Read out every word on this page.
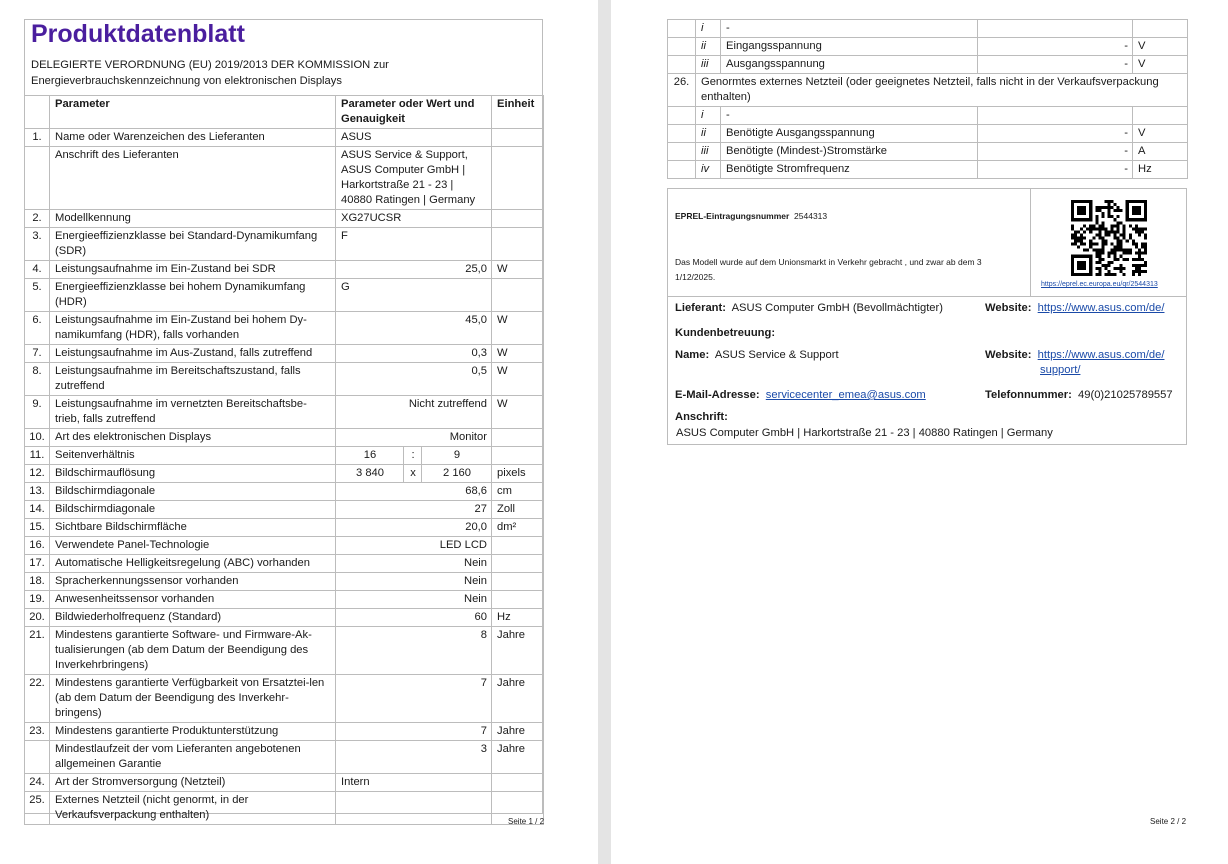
Produktdatenblatt
DELEGIERTE VERORDNUNG (EU) 2019/2013 DER KOMMISSION zur Energieverbrauchskennzeichnung von elektronischen Displays
	Parameter	Parameter oder Wert und Genauigkeit			Einheit
1.	Name oder Warenzeichen des Lieferanten	ASUS			
	Anschrift des Lieferanten	ASUS Service & Support, ASUS Computer GmbH | Harkortstraße 21 - 23 | 40880 Ratingen | Germany			
2.	Modellkennung	XG27UCSR			
3.	Energieeffizienzklasse bei Standard-Dynamikumfang (SDR)	F			
4.	Leistungsaufnahme im Ein-Zustand bei SDR	25,0			W
5.	Energieeffizienzklasse bei hohem Dynamikumfang (HDR)	G			
6.	Leistungsaufnahme im Ein-Zustand bei hohem Dy-namikumfang (HDR), falls vorhanden	45,0			W
7.	Leistungsaufnahme im Aus-Zustand, falls zutreffend	0,3			W
8.	Leistungsaufnahme im Bereitschaftszustand, falls zutreffend	0,5			W
9.	Leistungsaufnahme im vernetzten Bereitschaftsbe-trieb, falls zutreffend	Nicht zutreffend			W
10.	Art des elektronischen Displays	Monitor			
11.	Seitenverhältnis	16	:	9	
12.	Bildschirmauflösung	3 840	x	2 160	pixels
13.	Bildschirmdiagonale	68,6			cm
14.	Bildschirmdiagonale	27			Zoll
15.	Sichtbare Bildschirmfläche	20,0			dm²
16.	Verwendete Panel-Technologie	LED LCD			
17.	Automatische Helligkeitsregelung (ABC) vorhanden	Nein			
18.	Spracherkennungssensor vorhanden	Nein			
19.	Anwesenheitssensor vorhanden	Nein			
20.	Bildwiederholfrequenz (Standard)	60			Hz
21.	Mindestens garantierte Software- und Firmware-Ak-tualisierungen (ab dem Datum der Beendigung des Inverkehrbringens)	8			Jahre
22.	Mindestens garantierte Verfügbarkeit von Ersatztei-len (ab dem Datum der Beendigung des Inverkehr-bringens)	7			Jahre
23.	Mindestens garantierte Produktunterstützung	7			Jahre
	Mindestlaufzeit der vom Lieferanten angebotenen allgemeinen Garantie	3			Jahre
24.	Art der Stromversorgung (Netzteil)	Intern			
25.	Externes Netzteil (nicht genormt, in der Verkaufsverpackung enthalten)				
Seite 1 / 2
	i	-		
	ii	Eingangsspannung	-	V
	iii	Ausgangsspannung	-	V
26.	Genormtes externes Netzteil (oder geeignetes Netzteil, falls nicht in der Verkaufsverpackung enthalten)			
	i	-		
	ii	Benötigte Ausgangsspannung	-	V
	iii	Benötigte (Mindest-)Stromstärke	-	A
	iv	Benötigte Stromfrequenz	-	Hz
EPREL-Eintragungsnummer 2544313
Das Modell wurde auf dem Unionsmarkt in Verkehr gebracht , und zwar ab dem 3
1/12/2025.
https://eprel.ec.europa.eu/qr/2544313
Lieferant: ASUS Computer GmbH (Bevollmächtigter)	Website: https://www.asus.com/de/
Kundenbetreuung:
Name: ASUS Service & Support	Website: https://www.asus.com/de/
support/
E-Mail-Adresse: servicecenter_emea@asus.com	Telefonnummer: 49(0)21025789557
Anschrift:
ASUS Computer GmbH | Harkortstraße 21 - 23 | 40880 Ratingen | Germany
Seite 2 / 2
